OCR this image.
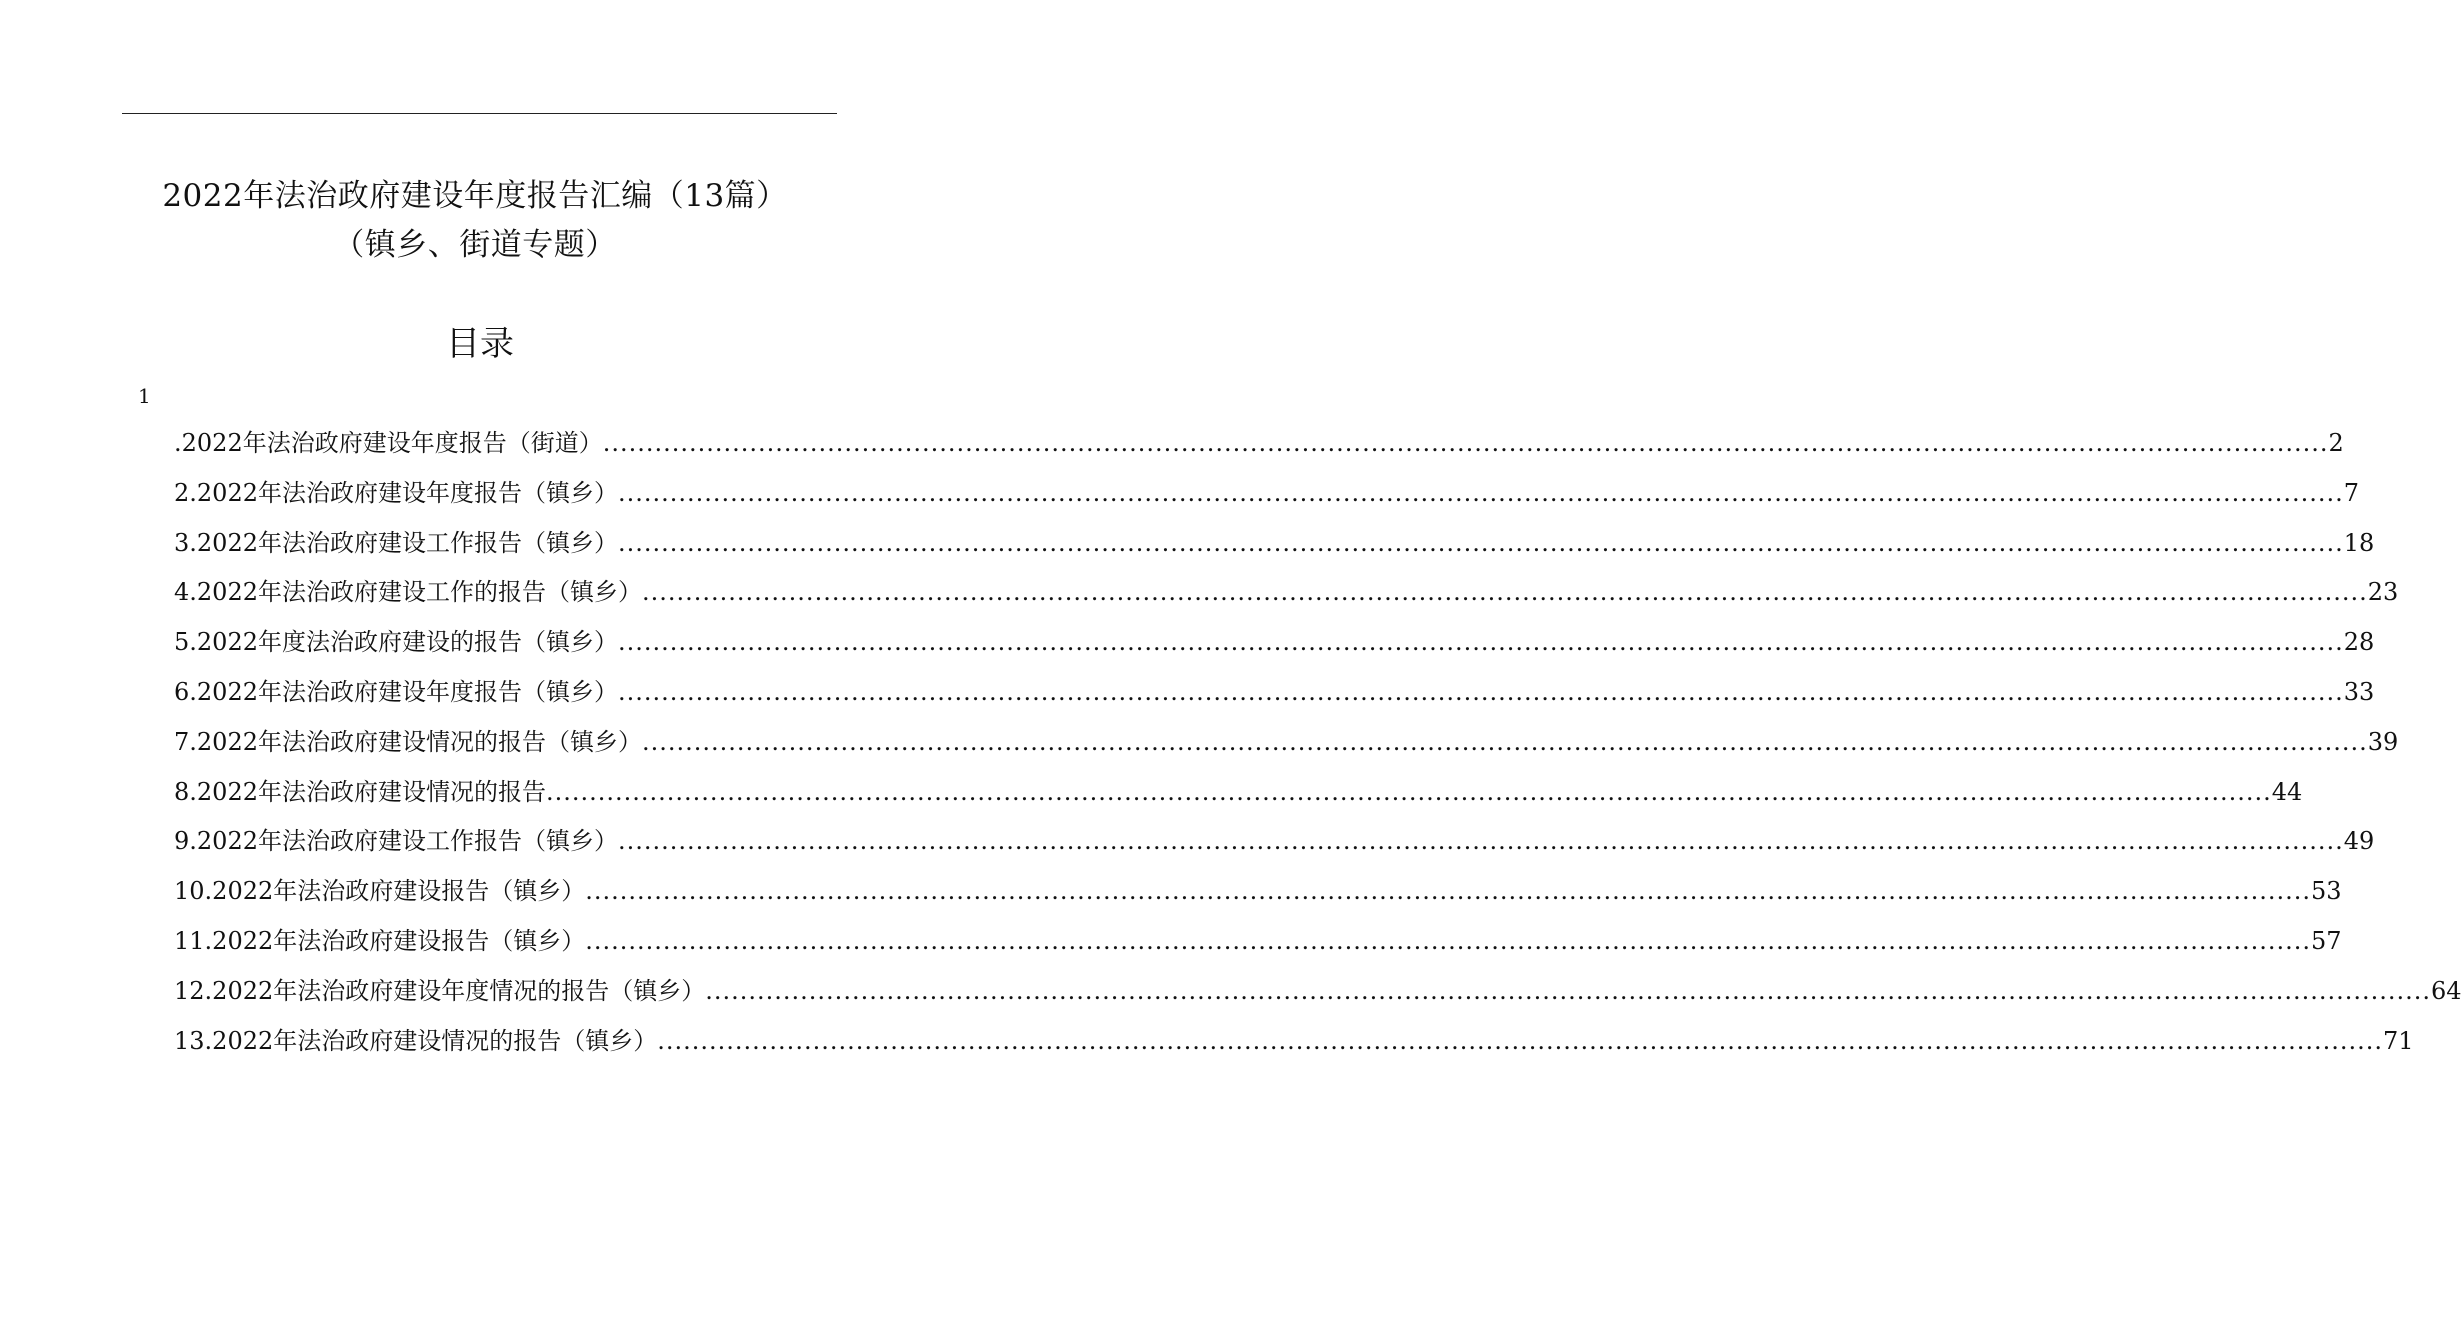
2022年法治政府建设年度报告汇编（13篇）
（镇乡、街道专题）
目录
1
.2022年法治政府建设年度报告（街道） ........................................................................................................................................................................................................ 2
2.2022年法治政府建设年度报告（镇乡） ........................................................................................................................................................................................................ 7
3.2022年法治政府建设工作报告（镇乡） ........................................................................................................................................................................................................ 18
4.2022年法治政府建设工作的报告（镇乡） ........................................................................................................................................................................................................ 23
5.2022年度法治政府建设的报告（镇乡） ........................................................................................................................................................................................................ 28
6.2022年法治政府建设年度报告（镇乡） ........................................................................................................................................................................................................ 33
7.2022年法治政府建设情况的报告（镇乡） ........................................................................................................................................................................................................ 39
8.2022年法治政府建设情况的报告 ........................................................................................................................................................................................................ 44
9.2022年法治政府建设工作报告（镇乡） ........................................................................................................................................................................................................ 49
10.2022年法治政府建设报告（镇乡） ........................................................................................................................................................................................................ 53
11.2022年法治政府建设报告（镇乡） ........................................................................................................................................................................................................ 57
12.2022年法治政府建设年度情况的报告（镇乡） ........................................................................................................................................................................................................ 64
13.2022年法治政府建设情况的报告（镇乡） ........................................................................................................................................................................................................ 71
